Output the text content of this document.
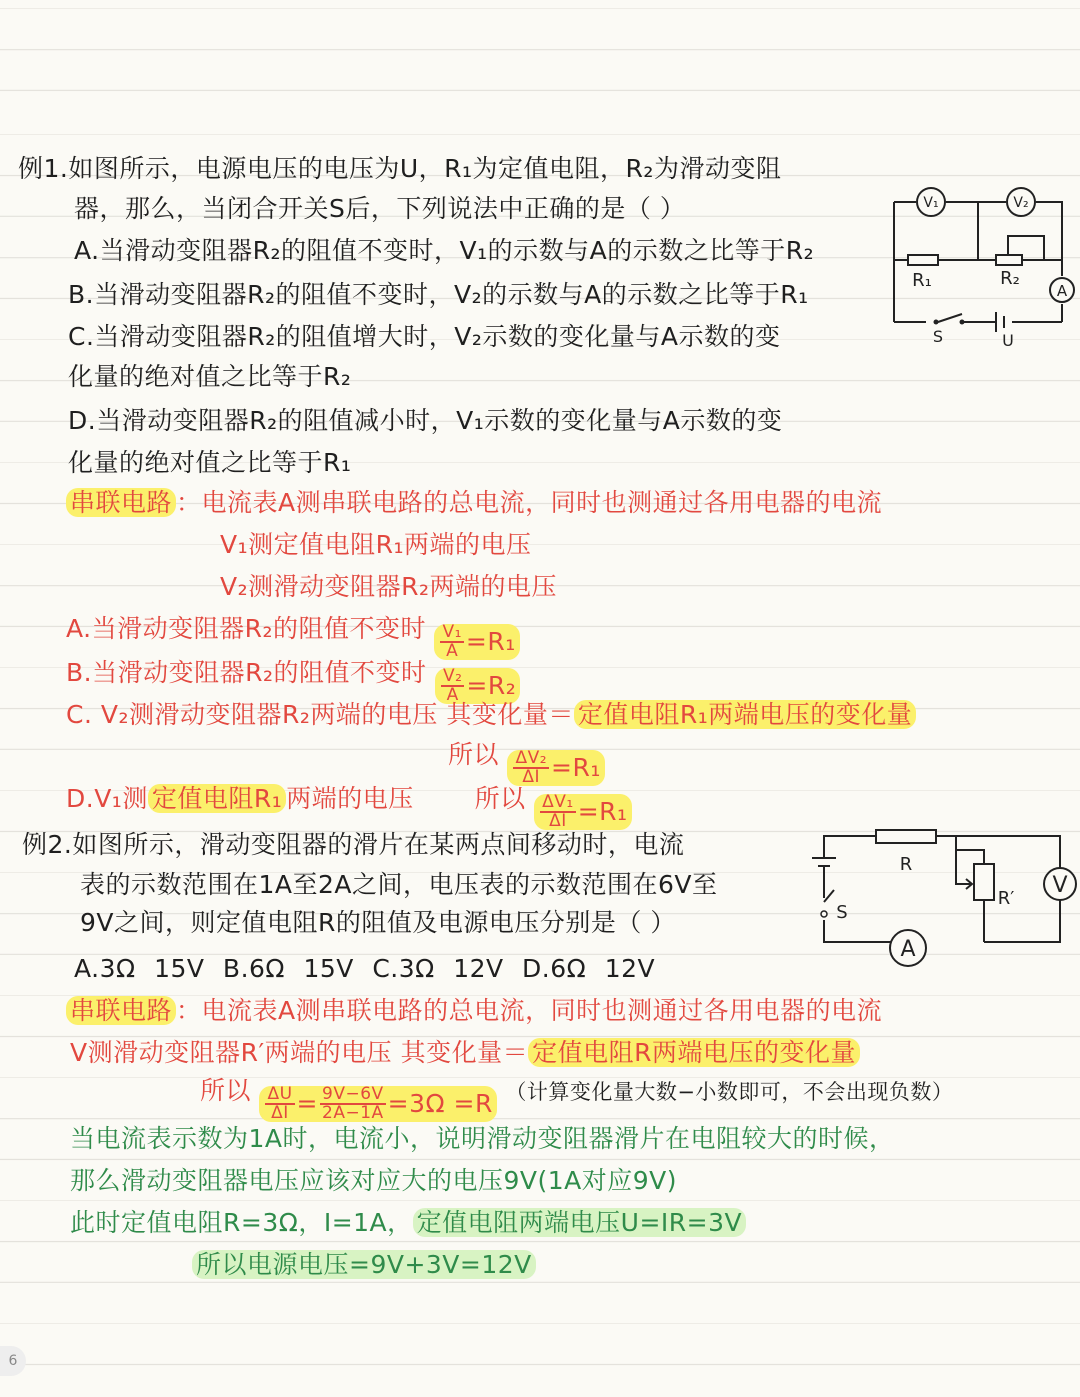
例1.如图所示，电源电压的电压为U，R₁为定值电阻，R₂为滑动变阻
器，那么，当闭合开关S后，下列说法中正确的是（ ）
A.当滑动变阻器R₂的阻值不变时，V₁的示数与A的示数之比等于R₂
B.当滑动变阻器R₂的阻值不变时，V₂的示数与A的示数之比等于R₁
C.当滑动变阻器R₂的阻值增大时，V₂示数的变化量与A示数的变
化量的绝对值之比等于R₂
D.当滑动变阻器R₂的阻值减小时，V₁示数的变化量与A示数的变
化量的绝对值之比等于R₁
V₁	V₂
R₁	R₂
A
S	U
串联电路 ：电流表A测串联电路的总电流，同时也测通过各用电器的电流
V₁测定值电阻R₁两端的电压
V₂测滑动变阻器R₂两端的电压
A.当滑动变阻器R₂的阻值不变时 $\frac{\text{V₁}}{A} =R_1$
B.当滑动变阻器R₂的阻值不变时 $\frac{\text{V₂}}{A} =R_2$
C. V₂测滑动变阻器R₂两端的电压 其变化量＝ 定值电阻R₁两端电压的变化量
所以 $\frac{\text{ΔV₂}}{\Delta I} =R_1$
D.V₁测 定值电阻R₁ 两端的电压 所以 $\frac{\text{ΔV₁}}{\Delta I} =R_1$
例2.如图所示，滑动变阻器的滑片在某两点间移动时，电流
表的示数范围在1A至2A之间，电压表的示数范围在6V至
9V之间，则定值电阻R的阻值及电源电压分别是（ ）
A.3Ω 15V B.6Ω 15V C.3Ω 12V D.6Ω 12V
R
R′
V
S
A
串联电路 ：电流表A测串联电路的总电流，同时也测通过各用电器的电流
V测滑动变阻器R′两端的电压 其变化量＝ 定值电阻R两端电压的变化量
所以 $\frac{\Delta U}{\Delta I} = \frac{9V-6V}{2A-1A} =3\Omega =R$ （计算变化量大数−小数即可，不会出现负数）
当电流表示数为1A时，电流小，说明滑动变阻器滑片在电阻较大的时候，
那么滑动变阻器电压应该对应大的电压9V(1A对应9V)
此时定值电阻R=3Ω，I=1A， 定值电阻两端电压U=IR=3V
所以电源电压=9V+3V=12V
6
